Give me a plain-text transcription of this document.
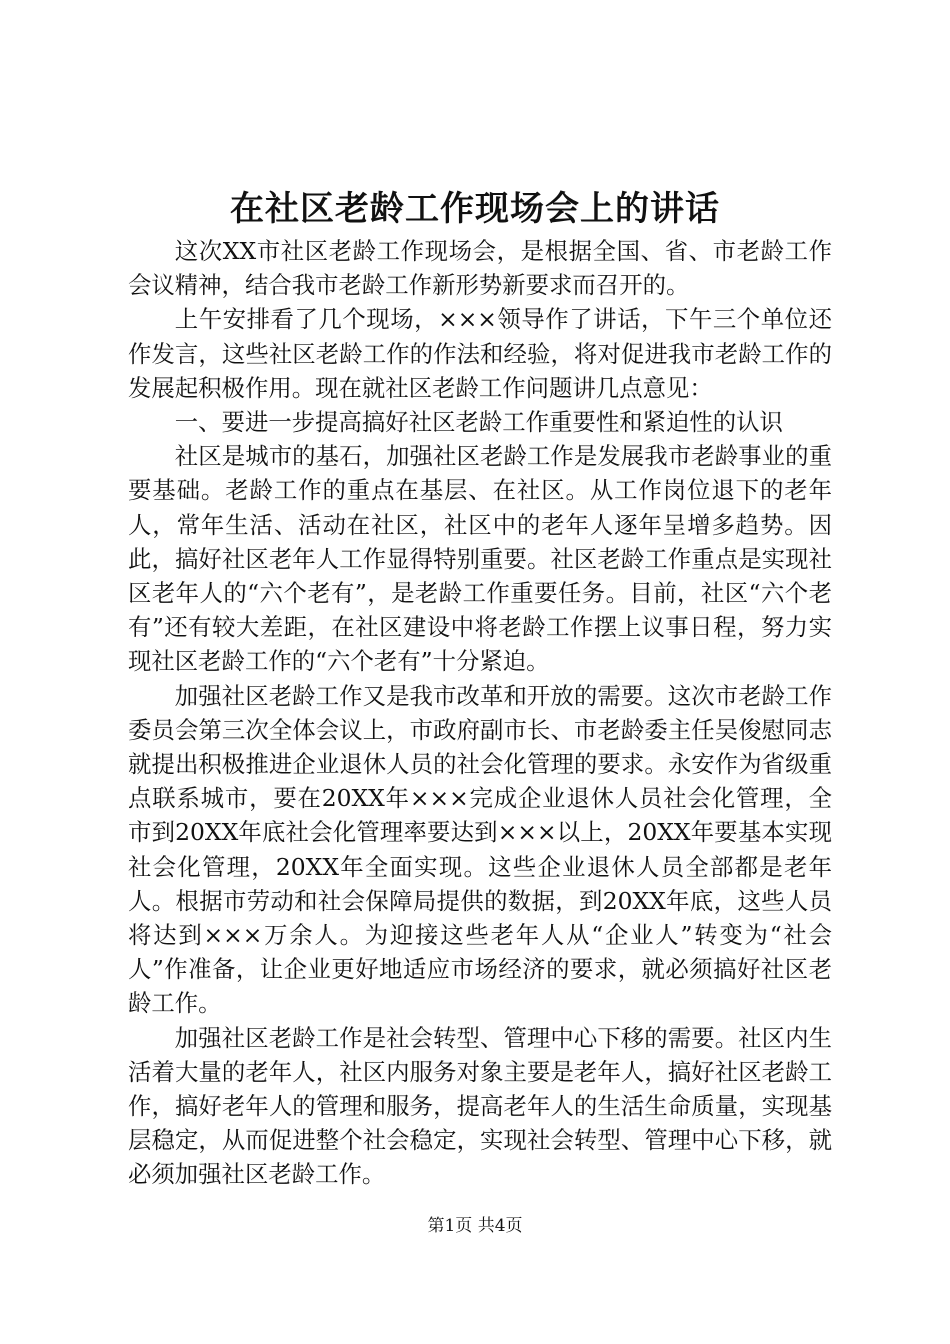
在社区老龄工作现场会上的讲话

这次XX市社区老龄工作现场会，是根据全国、省、市老龄工作会议精神，结合我市老龄工作新形势新要求而召开的。

上午安排看了几个现场，×××领导作了讲话，下午三个单位还作发言，这些社区老龄工作的作法和经验，将对促进我市老龄工作的发展起积极作用。现在就社区老龄工作问题讲几点意见：

一、要进一步提高搞好社区老龄工作重要性和紧迫性的认识

社区是城市的基石，加强社区老龄工作是发展我市老龄事业的重要基础。老龄工作的重点在基层、在社区。从工作岗位退下的老年人，常年生活、活动在社区，社区中的老年人逐年呈增多趋势。因此，搞好社区老年人工作显得特别重要。社区老龄工作重点是实现社区老年人的“六个老有”，是老龄工作重要任务。目前，社区“六个老有”还有较大差距，在社区建设中将老龄工作摆上议事日程，努力实现社区老龄工作的“六个老有”十分紧迫。

加强社区老龄工作又是我市改革和开放的需要。这次市老龄工作委员会第三次全体会议上，市政府副市长、市老龄委主任吴俊慰同志就提出积极推进企业退休人员的社会化管理的要求。永安作为省级重点联系城市，要在20XX年×××完成企业退休人员社会化管理，全市到20XX年底社会化管理率要达到×××以上，20XX年要基本实现社会化管理，20XX年全面实现。这些企业退休人员全部都是老年人。根据市劳动和社会保障局提供的数据，到20XX年底，这些人员将达到×××万余人。为迎接这些老年人从“企业人”转变为“社会人”作准备，让企业更好地适应市场经济的要求，就必须搞好社区老龄工作。

加强社区老龄工作是社会转型、管理中心下移的需要。社区内生活着大量的老年人，社区内服务对象主要是老年人，搞好社区老龄工作，搞好老年人的管理和服务，提高老年人的生活生命质量，实现基层稳定，从而促进整个社会稳定，实现社会转型、管理中心下移，就必须加强社区老龄工作。

第1页 共4页
